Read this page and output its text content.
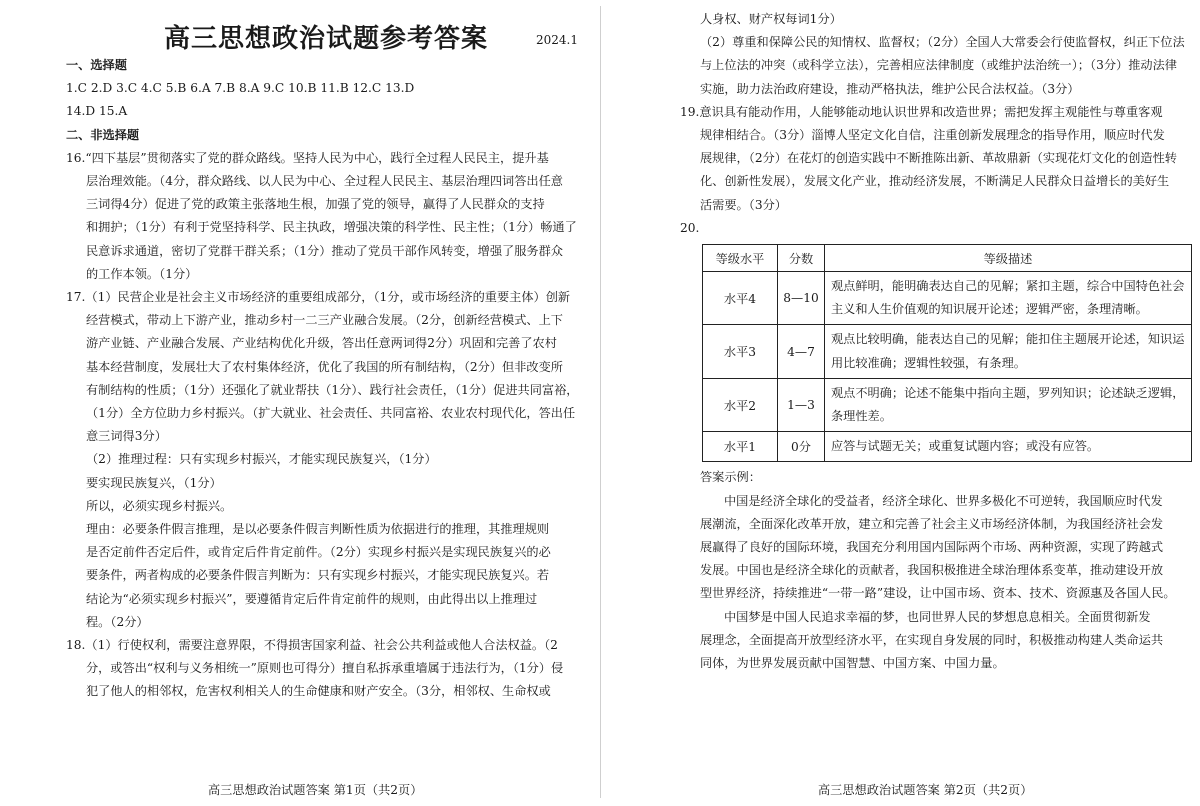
高三思想政治试题参考答案	2024.1

一、选择题

1.C 2.D 3.C 4.C 5.B 6.A 7.B 8.A 9.C 10.B 11.B 12.C 13.D

14.D 15.A

二、非选择题

16.“四下基层”贯彻落实了党的群众路线。坚持人民为中心，践行全过程人民民主，提升基

层治理效能。（4分，群众路线、以人民为中心、全过程人民民主、基层治理四词答出任意

三词得4分）促进了党的政策主张落地生根，加强了党的领导，赢得了人民群众的支持

和拥护；（1分）有利于党坚持科学、民主执政，增强决策的科学性、民主性；（1分）畅通了

民意诉求通道，密切了党群干群关系；（1分）推动了党员干部作风转变，增强了服务群众

的工作本领。（1分）

17.（1）民营企业是社会主义市场经济的重要组成部分，（1分，或市场经济的重要主体）创新

经营模式，带动上下游产业，推动乡村一二三产业融合发展。（2分，创新经营模式、上下

游产业链、产业融合发展、产业结构优化升级，答出任意两词得2分）巩固和完善了农村

基本经营制度，发展壮大了农村集体经济，优化了我国的所有制结构，（2分）但非改变所

有制结构的性质；（1分）还强化了就业帮扶（1分）、践行社会责任，（1分）促进共同富裕，

（1分）全方位助力乡村振兴。（扩大就业、社会责任、共同富裕、农业农村现代化，答出任

意三词得3分）

（2）推理过程：只有实现乡村振兴，才能实现民族复兴，（1分）

要实现民族复兴，（1分）

所以，必须实现乡村振兴。

理由：必要条件假言推理，是以必要条件假言判断性质为依据进行的推理，其推理规则

是否定前件否定后件，或肯定后件肯定前件。（2分）实现乡村振兴是实现民族复兴的必

要条件，两者构成的必要条件假言判断为：只有实现乡村振兴，才能实现民族复兴。若

结论为“必须实现乡村振兴”，要遵循肯定后件肯定前件的规则，由此得出以上推理过

程。（2分）

18.（1）行使权利，需要注意界限，不得损害国家利益、社会公共利益或他人合法权益。（2

分，或答出“权利与义务相统一”原则也可得分）擅自私拆承重墙属于违法行为，（1分）侵

犯了他人的相邻权，危害权利相关人的生命健康和财产安全。（3分，相邻权、生命权或

高三思想政治试题答案 第1页（共2页）

人身权、财产权每词1分）

（2）尊重和保障公民的知情权、监督权；（2分）全国人大常委会行使监督权，纠正下位法

与上位法的冲突（或科学立法），完善相应法律制度（或维护法治统一）；（3分）推动法律

实施，助力法治政府建设，推动严格执法，维护公民合法权益。（3分）

19.意识具有能动作用，人能够能动地认识世界和改造世界；需把发挥主观能性与尊重客观

规律相结合。（3分）淄博人坚定文化自信，注重创新发展理念的指导作用，顺应时代发

展规律，（2分）在花灯的创造实践中不断推陈出新、革故鼎新（实现花灯文化的创造性转

化、创新性发展），发展文化产业，推动经济发展，不断满足人民群众日益增长的美好生

活需要。（3分）

20.

等级水平	分数	等级描述
水平4	8—10	观点鲜明，能明确表达自己的见解；紧扣主题，综合中国特色社会主义和人生价值观的知识展开论述；逻辑严密，条理清晰。
水平3	4—7	观点比较明确，能表达自己的见解；能扣住主题展开论述，知识运用比较准确；逻辑性较强，有条理。
水平2	1—3	观点不明确；论述不能集中指向主题，罗列知识；论述缺乏逻辑，条理性差。
水平1	0分	应答与试题无关；或重复试题内容；或没有应答。

答案示例：

中国是经济全球化的受益者，经济全球化、世界多极化不可逆转，我国顺应时代发

展潮流，全面深化改革开放，建立和完善了社会主义市场经济体制，为我国经济社会发

展赢得了良好的国际环境，我国充分利用国内国际两个市场、两种资源，实现了跨越式

发展。中国也是经济全球化的贡献者，我国积极推进全球治理体系变革，推动建设开放

型世界经济，持续推进“一带一路”建设，让中国市场、资本、技术、资源惠及各国人民。

中国梦是中国人民追求幸福的梦，也同世界人民的梦想息息相关。全面贯彻新发

展理念，全面提高开放型经济水平，在实现自身发展的同时，积极推动构建人类命运共

同体，为世界发展贡献中国智慧、中国方案、中国力量。

高三思想政治试题答案 第2页（共2页）
